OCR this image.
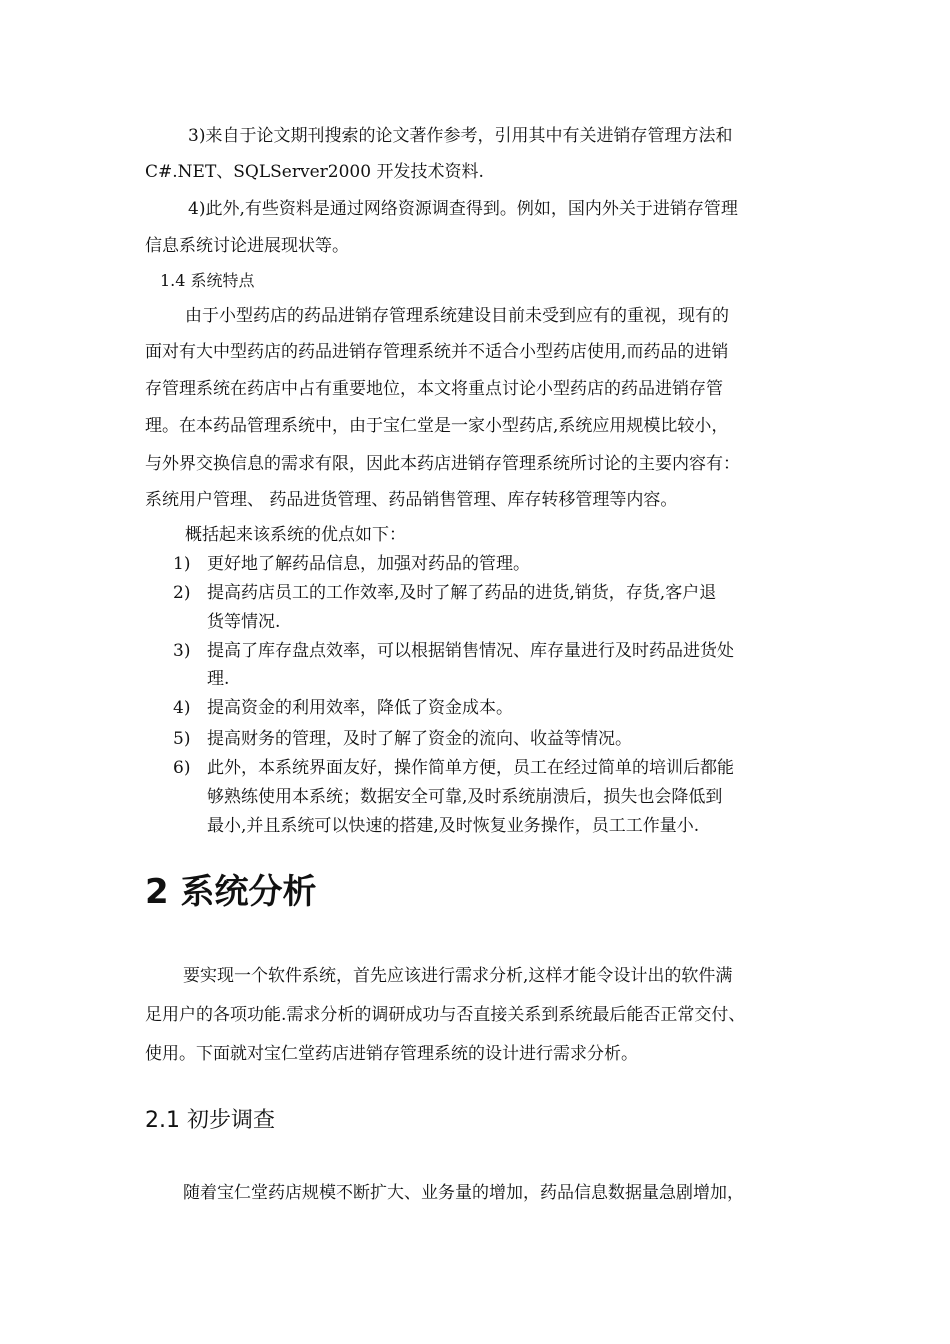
3)来自于论文期刊搜索的论文著作参考，引用其中有关进销存管理方法和
C#.NET、SQLServer2000 开发技术资料.
4)此外,有些资料是通过网络资源调查得到。例如，国内外关于进销存管理
信息系统讨论进展现状等。
1.4 系统特点
由于小型药店的药品进销存管理系统建设目前未受到应有的重视，现有的
面对有大中型药店的药品进销存管理系统并不适合小型药店使用,而药品的进销
存管理系统在药店中占有重要地位，本文将重点讨论小型药店的药品进销存管
理。在本药品管理系统中，由于宝仁堂是一家小型药店,系统应用规模比较小，
与外界交换信息的需求有限，因此本药店进销存管理系统所讨论的主要内容有：
系统用户管理、 药品进货管理、药品销售管理、库存转移管理等内容。
概括起来该系统的优点如下：
1) 更好地了解药品信息，加强对药品的管理。
2) 提高药店员工的工作效率,及时了解了药品的进货,销货，存货,客户退
货等情况.
3) 提高了库存盘点效率，可以根据销售情况、库存量进行及时药品进货处
理.
4) 提高资金的利用效率，降低了资金成本。
5) 提高财务的管理，及时了解了资金的流向、收益等情况。
6) 此外，本系统界面友好，操作简单方便，员工在经过简单的培训后都能
够熟练使用本系统；数据安全可靠,及时系统崩溃后，损失也会降低到
最小,并且系统可以快速的搭建,及时恢复业务操作，员工工作量小.
2 系统分析
要实现一个软件系统，首先应该进行需求分析,这样才能令设计出的软件满
足用户的各项功能.需求分析的调研成功与否直接关系到系统最后能否正常交付、
使用。下面就对宝仁堂药店进销存管理系统的设计进行需求分析。
2.1 初步调查
随着宝仁堂药店规模不断扩大、业务量的增加，药品信息数据量急剧增加，
